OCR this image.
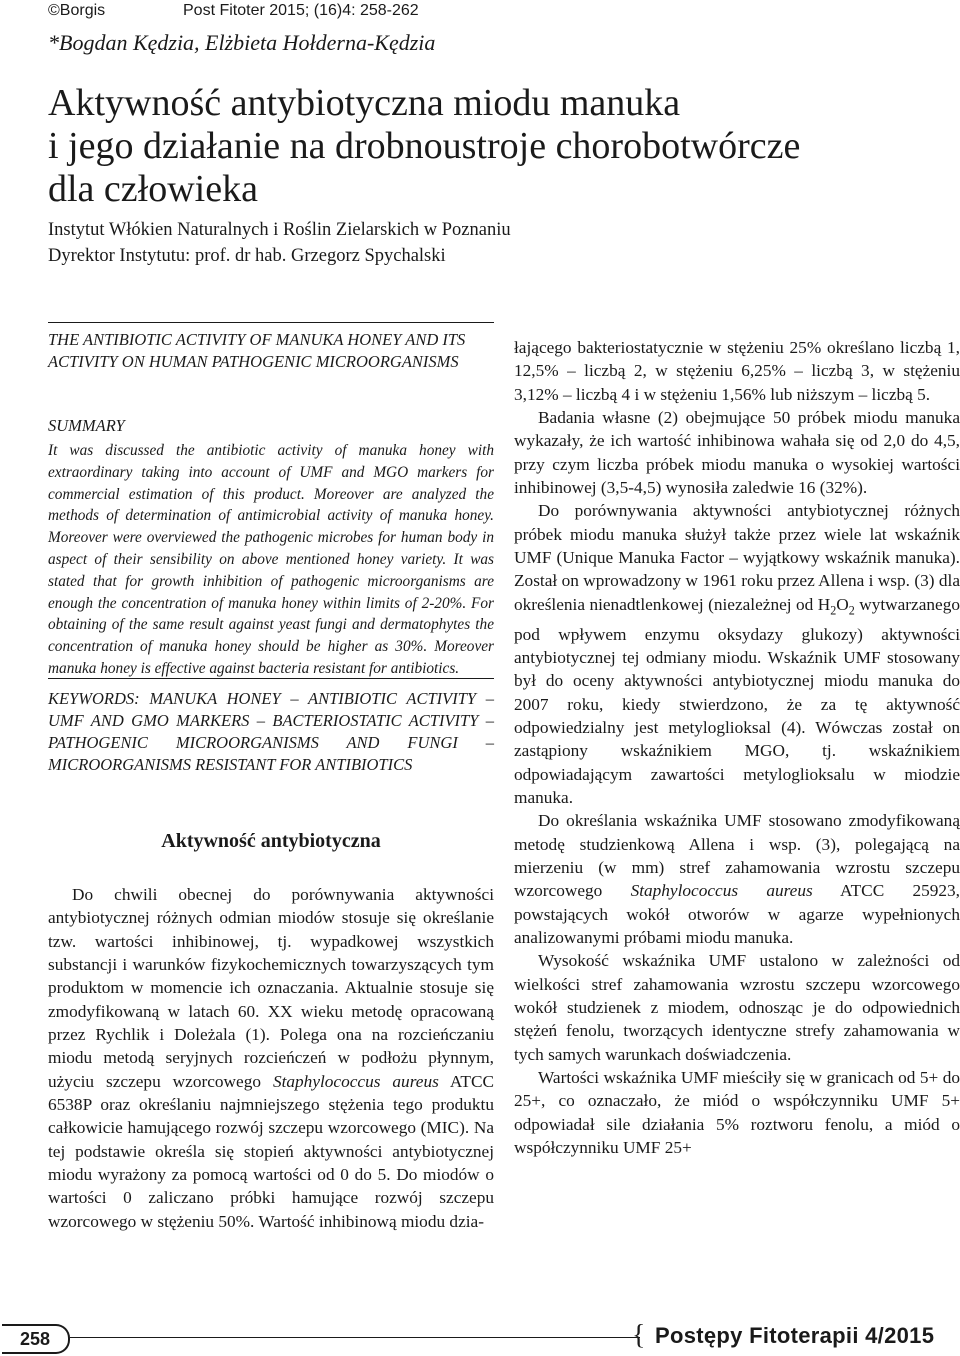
©Borgis	Post Fitoter 2015; (16)4: 258-262
*Bogdan Kędzia, Elżbieta Hołderna-Kędzia
Aktywność antybiotyczna miodu manuka
i jego działanie na drobnoustroje chorobotwórcze
dla człowieka
Instytut Włókien Naturalnych i Roślin Zielarskich w Poznaniu
Dyrektor Instytutu: prof. dr hab. Grzegorz Spychalski
THE ANTIBIOTIC ACTIVITY OF MANUKA HONEY AND ITS ACTIVITY ON HUMAN PATHOGENIC MICROORGANISMS
SUMMARY
It was discussed the antibiotic activity of manuka honey with extraordinary taking into account of UMF and MGO markers for commercial estimation of this product. Moreover are analyzed the methods of determination of antimicrobial activity of manuka honey. Moreover were overviewed the pathogenic microbes for human body in aspect of their sensibility on above mentioned honey variety. It was stated that for growth inhibition of pathogenic microorganisms are enough the concentration of manuka honey within limits of 2-20%. For obtaining of the same result against yeast fungi and dermatophytes the concentration of manuka honey should be higher as 30%. Moreover manuka honey is effective against bacteria resistant for antibiotics.
KEYWORDS: MANUKA HONEY – ANTIBIOTIC ACTIVITY – UMF AND GMO MARKERS – BACTERIOSTATIC ACTIVITY – PATHOGENIC MICROORGANISMS AND FUNGI – MICROORGANISMS RESISTANT FOR ANTIBIOTICS
Aktywność antybiotyczna

Do chwili obecnej do porównywania aktywności antybiotycznej różnych odmian miodów stosuje się określanie tzw. wartości inhibinowej, tj. wypadkowej wszystkich substancji i warunków fizykochemicznych towarzyszących tym produktom w momencie ich oznaczania. Aktualnie stosuje się zmodyfikowaną w latach 60. XX wieku metodę opracowaną przez Rychlik i Doleżala (1). Polega ona na rozcieńczaniu miodu metodą seryjnych rozcieńczeń w podłożu płynnym, użyciu szczepu wzorcowego Staphylococcus aureus ATCC 6538P oraz określaniu najmniejszego stężenia tego produktu całkowicie hamującego rozwój szczepu wzorcowego (MIC). Na tej podstawie określa się stopień aktywności antybiotycznej miodu wyrażony za pomocą wartości od 0 do 5. Do miodów o wartości 0 zaliczano próbki hamujące rozwój szczepu wzorcowego w stężeniu 50%. Wartość inhibinową miodu dzia-

łającego bakteriostatycznie w stężeniu 25% określano liczbą 1, 12,5% – liczbą 2, w stężeniu 6,25% – liczbą 3, w stężeniu 3,12% – liczbą 4 i w stężeniu 1,56% lub niższym – liczbą 5.

Badania własne (2) obejmujące 50 próbek miodu manuka wykazały, że ich wartość inhibinowa wahała się od 2,0 do 4,5, przy czym liczba próbek miodu manuka o wysokiej wartości inhibinowej (3,5-4,5) wynosiła zaledwie 16 (32%).

Do porównywania aktywności antybiotycznej różnych próbek miodu manuka służył także przez wiele lat wskaźnik UMF (Unique Manuka Factor – wyjątkowy wskaźnik manuka). Został on wprowadzony w 1961 roku przez Allena i wsp. (3) dla określenia nienadtlenkowej (niezależnej od $H_2O_2$ wytwarzanego pod wpływem enzymu oksydazy glukozy) aktywności antybiotycznej tej odmiany miodu. Wskaźnik UMF stosowany był do oceny aktywności antybiotycznej miodu manuka do 2007 roku, kiedy stwierdzono, że za tę aktywność odpowiedzialny jest metyloglioksal (4). Wówczas został on zastąpiony wskaźnikiem MGO, tj. wskaźnikiem odpowiadającym zawartości metyloglioksalu w miodzie manuka.

Do określania wskaźnika UMF stosowano zmodyfikowaną metodę studzienkową Allena i wsp. (3), polegającą na mierzeniu (w mm) stref zahamowania wzrostu szczepu wzorcowego Staphylococcus aureus ATCC 25923, powstających wokół otworów w agarze wypełnionych analizowanymi próbami miodu manuka.

Wysokość wskaźnika UMF ustalono w zależności od wielkości stref zahamowania wzrostu szczepu wzorcowego wokół studzienek z miodem, odnosząc je do odpowiednich stężeń fenolu, tworzących identyczne strefy zahamowania w tych samych warunkach doświadczenia.

Wartości wskaźnika UMF mieściły się w granicach od 5+ do 25+, co oznaczało, że miód o współczynniku UMF 5+ odpowiadał sile działania 5% roztworu fenolu, a miód o współczynniku UMF 25+

258	{ Postępy Fitoterapii 4/2015
